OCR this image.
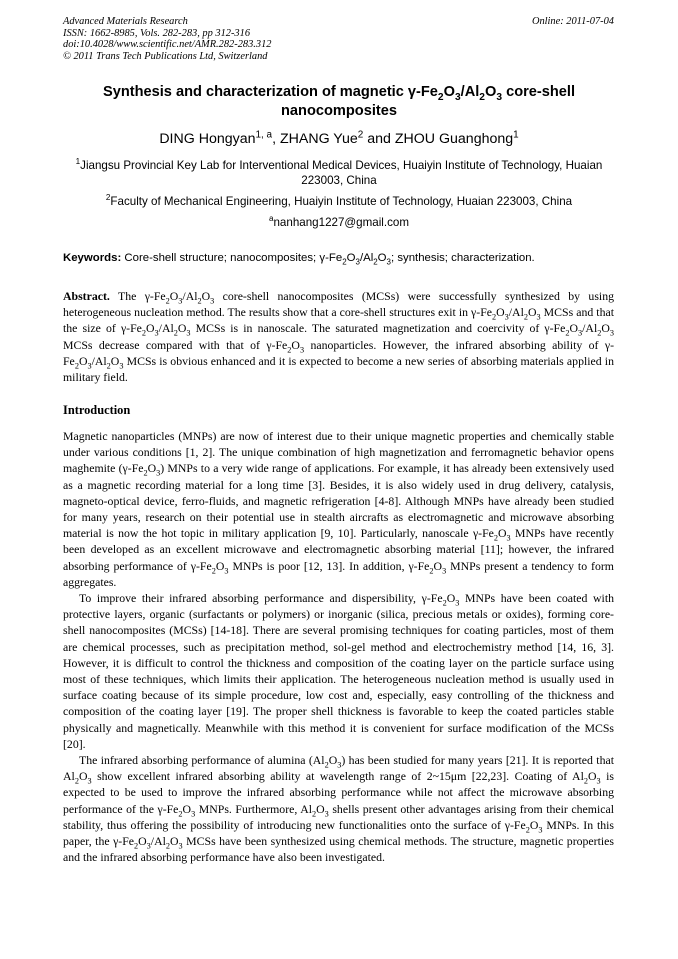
Advanced Materials Research
ISSN: 1662-8985, Vols. 282-283, pp 312-316
doi:10.4028/www.scientific.net/AMR.282-283.312
© 2011 Trans Tech Publications Ltd, Switzerland
Online: 2011-07-04
Synthesis and characterization of magnetic $\gamma-Fe_2O_3/Al_2O_3$ core-shell nanocomposites
DING Hongyan$^{1, a}$, ZHANG Yue$^2$ and ZHOU Guanghong$^1$
$^1$Jiangsu Provincial Key Lab for Interventional Medical Devices, Huaiyin Institute of Technology, Huaian 223003, China
$^2$Faculty of Mechanical Engineering, Huaiyin Institute of Technology, Huaian 223003, China
$^a$nanhang1227@gmail.com
Keywords: Core-shell structure; nanocomposites; $\gamma-Fe_2O_3/Al_2O_3$; synthesis; characterization.

Abstract. The $\gamma-Fe_2O_3/Al_2O_3$ core-shell nanocomposites (MCSs) were successfully synthesized by using heterogeneous nucleation method. The results show that a core-shell structures exit in $\gamma-Fe_2O_3/Al_2O_3$ MCSs and that the size of $\gamma-Fe_2O_3/Al_2O_3$ MCSs is in nanoscale. The saturated magnetization and coercivity of $\gamma-Fe_2O_3/Al_2O_3$ MCSs decrease compared with that of $\gamma-Fe_2O_3$ nanoparticles. However, the infrared absorbing ability of $\gamma-Fe_2O_3/Al_2O_3$ MCSs is obvious enhanced and it is expected to become a new series of absorbing materials applied in military field.

Introduction

Magnetic nanoparticles (MNPs) are now of interest due to their unique magnetic properties and chemically stable under various conditions [1, 2]. The unique combination of high magnetization and ferromagnetic behavior opens maghemite $(\gamma-Fe_2O_3)$ MNPs to a very wide range of applications. For example, it has already been extensively used as a magnetic recording material for a long time [3]. Besides, it is also widely used in drug delivery, catalysis, magneto-optical device, ferro-fluids, and magnetic refrigeration [4-8]. Although MNPs have already been studied for many years, research on their potential use in stealth aircrafts as electromagnetic and microwave absorbing material is now the hot topic in military application [9, 10]. Particularly, nanoscale $\gamma-Fe_2O_3$ MNPs have recently been developed as an excellent microwave and electromagnetic absorbing material [11]; however, the infrared absorbing performance of $\gamma-Fe_2O_3$ MNPs is poor [12, 13]. In addition, $\gamma-Fe_2O_3$ MNPs present a tendency to form aggregates.

To improve their infrared absorbing performance and dispersibility, $\gamma-Fe_2O_3$ MNPs have been coated with protective layers, organic (surfactants or polymers) or inorganic (silica, precious metals or oxides), forming core-shell nanocomposites (MCSs) [14-18]. There are several promising techniques for coating particles, most of them are chemical processes, such as precipitation method, sol-gel method and electrochemistry method [14, 16, 3]. However, it is difficult to control the thickness and composition of the coating layer on the particle surface using most of these techniques, which limits their application. The heterogeneous nucleation method is usually used in surface coating because of its simple procedure, low cost and, especially, easy controlling of the thickness and composition of the coating layer [19]. The proper shell thickness is favorable to keep the coated particles stable physically and magnetically. Meanwhile with this method it is convenient for surface modification of the MCSs [20].

The infrared absorbing performance of alumina $(Al_2O_3)$ has been studied for many years [21]. It is reported that $Al_2O_3$ show excellent infrared absorbing ability at wavelength range of 2~15μm [22,23]. Coating of $Al_2O_3$ is expected to be used to improve the infrared absorbing performance while not affect the microwave absorbing performance of the $\gamma-Fe_2O_3$ MNPs. Furthermore, $Al_2O_3$ shells present other advantages arising from their chemical stability, thus offering the possibility of introducing new functionalities onto the surface of $\gamma-Fe_2O_3$ MNPs. In this paper, the $\gamma-Fe_2O_3/Al_2O_3$ MCSs have been synthesized using chemical methods. The structure, magnetic properties and the infrared absorbing performance have also been investigated.
